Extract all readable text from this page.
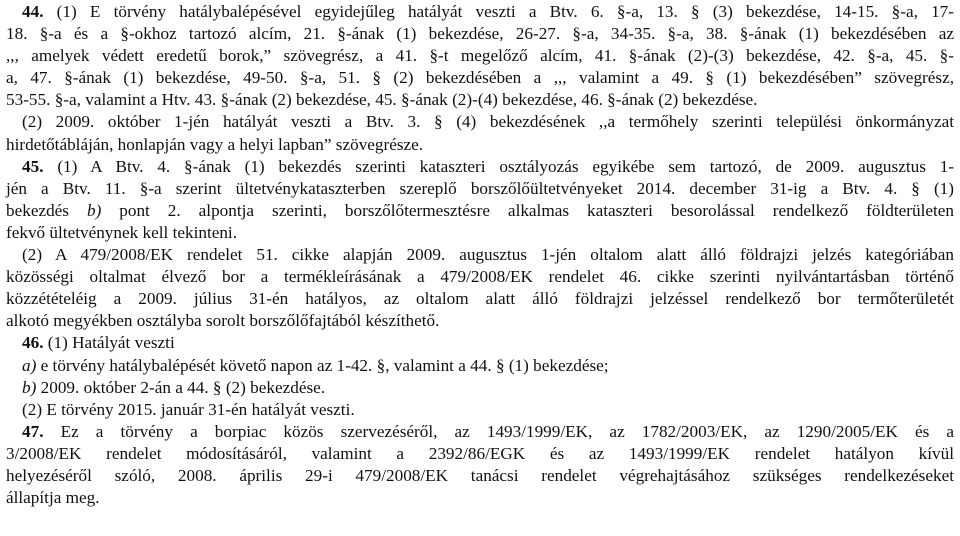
44. (1) E törvény hatálybalépésével egyidejűleg hatályát veszti a Btv. 6. §-a, 13. § (3) bekezdése, 14-15. §-a, 17-
18. §-a és a §-okhoz tartozó alcím, 21. §-ának (1) bekezdése, 26-27. §-a, 34-35. §-a, 38. §-ának (1) bekezdésében az
,,, amelyek védett eredetű borok,” szövegrész, a 41. §-t megelőző alcím, 41. §-ának (2)-(3) bekezdése, 42. §-a, 45. §-
a, 47. §-ának (1) bekezdése, 49-50. §-a, 51. § (2) bekezdésében a ,,, valamint a 49. § (1) bekezdésében” szövegrész,
53-55. §-a, valamint a Htv. 43. §-ának (2) bekezdése, 45. §-ának (2)-(4) bekezdése, 46. §-ának (2) bekezdése.

(2) 2009. október 1-jén hatályát veszti a Btv. 3. § (4) bekezdésének ,,a termőhely szerinti települési önkormányzat
hirdetőtábláján, honlapján vagy a helyi lapban” szövegrésze.

45. (1) A Btv. 4. §-ának (1) bekezdés szerinti kataszteri osztályozás egyikébe sem tartozó, de 2009. augusztus 1-
jén a Btv. 11. §-a szerint ültetvénykataszterben szereplő borszőlőültetvényeket 2014. december 31-ig a Btv. 4. § (1)
bekezdés b) pont 2. alpontja szerinti, borszőlőtermesztésre alkalmas kataszteri besorolással rendelkező földterületen
fekvő ültetvénynek kell tekinteni.

(2) A 479/2008/EK rendelet 51. cikke alapján 2009. augusztus 1-jén oltalom alatt álló földrajzi jelzés kategóriában
közösségi oltalmat élvező bor a termékleírásának a 479/2008/EK rendelet 46. cikke szerinti nyilvántartásban történő
közzétételéig a 2009. július 31-én hatályos, az oltalom alatt álló földrajzi jelzéssel rendelkező bor termőterületét
alkotó megyékben osztályba sorolt borszőlőfajtából készíthető.

46. (1) Hatályát veszti
a) e törvény hatálybalépését követő napon az 1-42. §, valamint a 44. § (1) bekezdése;
b) 2009. október 2-án a 44. § (2) bekezdése.
(2) E törvény 2015. január 31-én hatályát veszti.

47. Ez a törvény a borpiac közös szervezéséről, az 1493/1999/EK, az 1782/2003/EK, az 1290/2005/EK és a
3/2008/EK rendelet módosításáról, valamint a 2392/86/EGK és az 1493/1999/EK rendelet hatályon kívül
helyezéséről szóló, 2008. április 29-i 479/2008/EK tanácsi rendelet végrehajtásához szükséges rendelkezéseket
állapítja meg.
